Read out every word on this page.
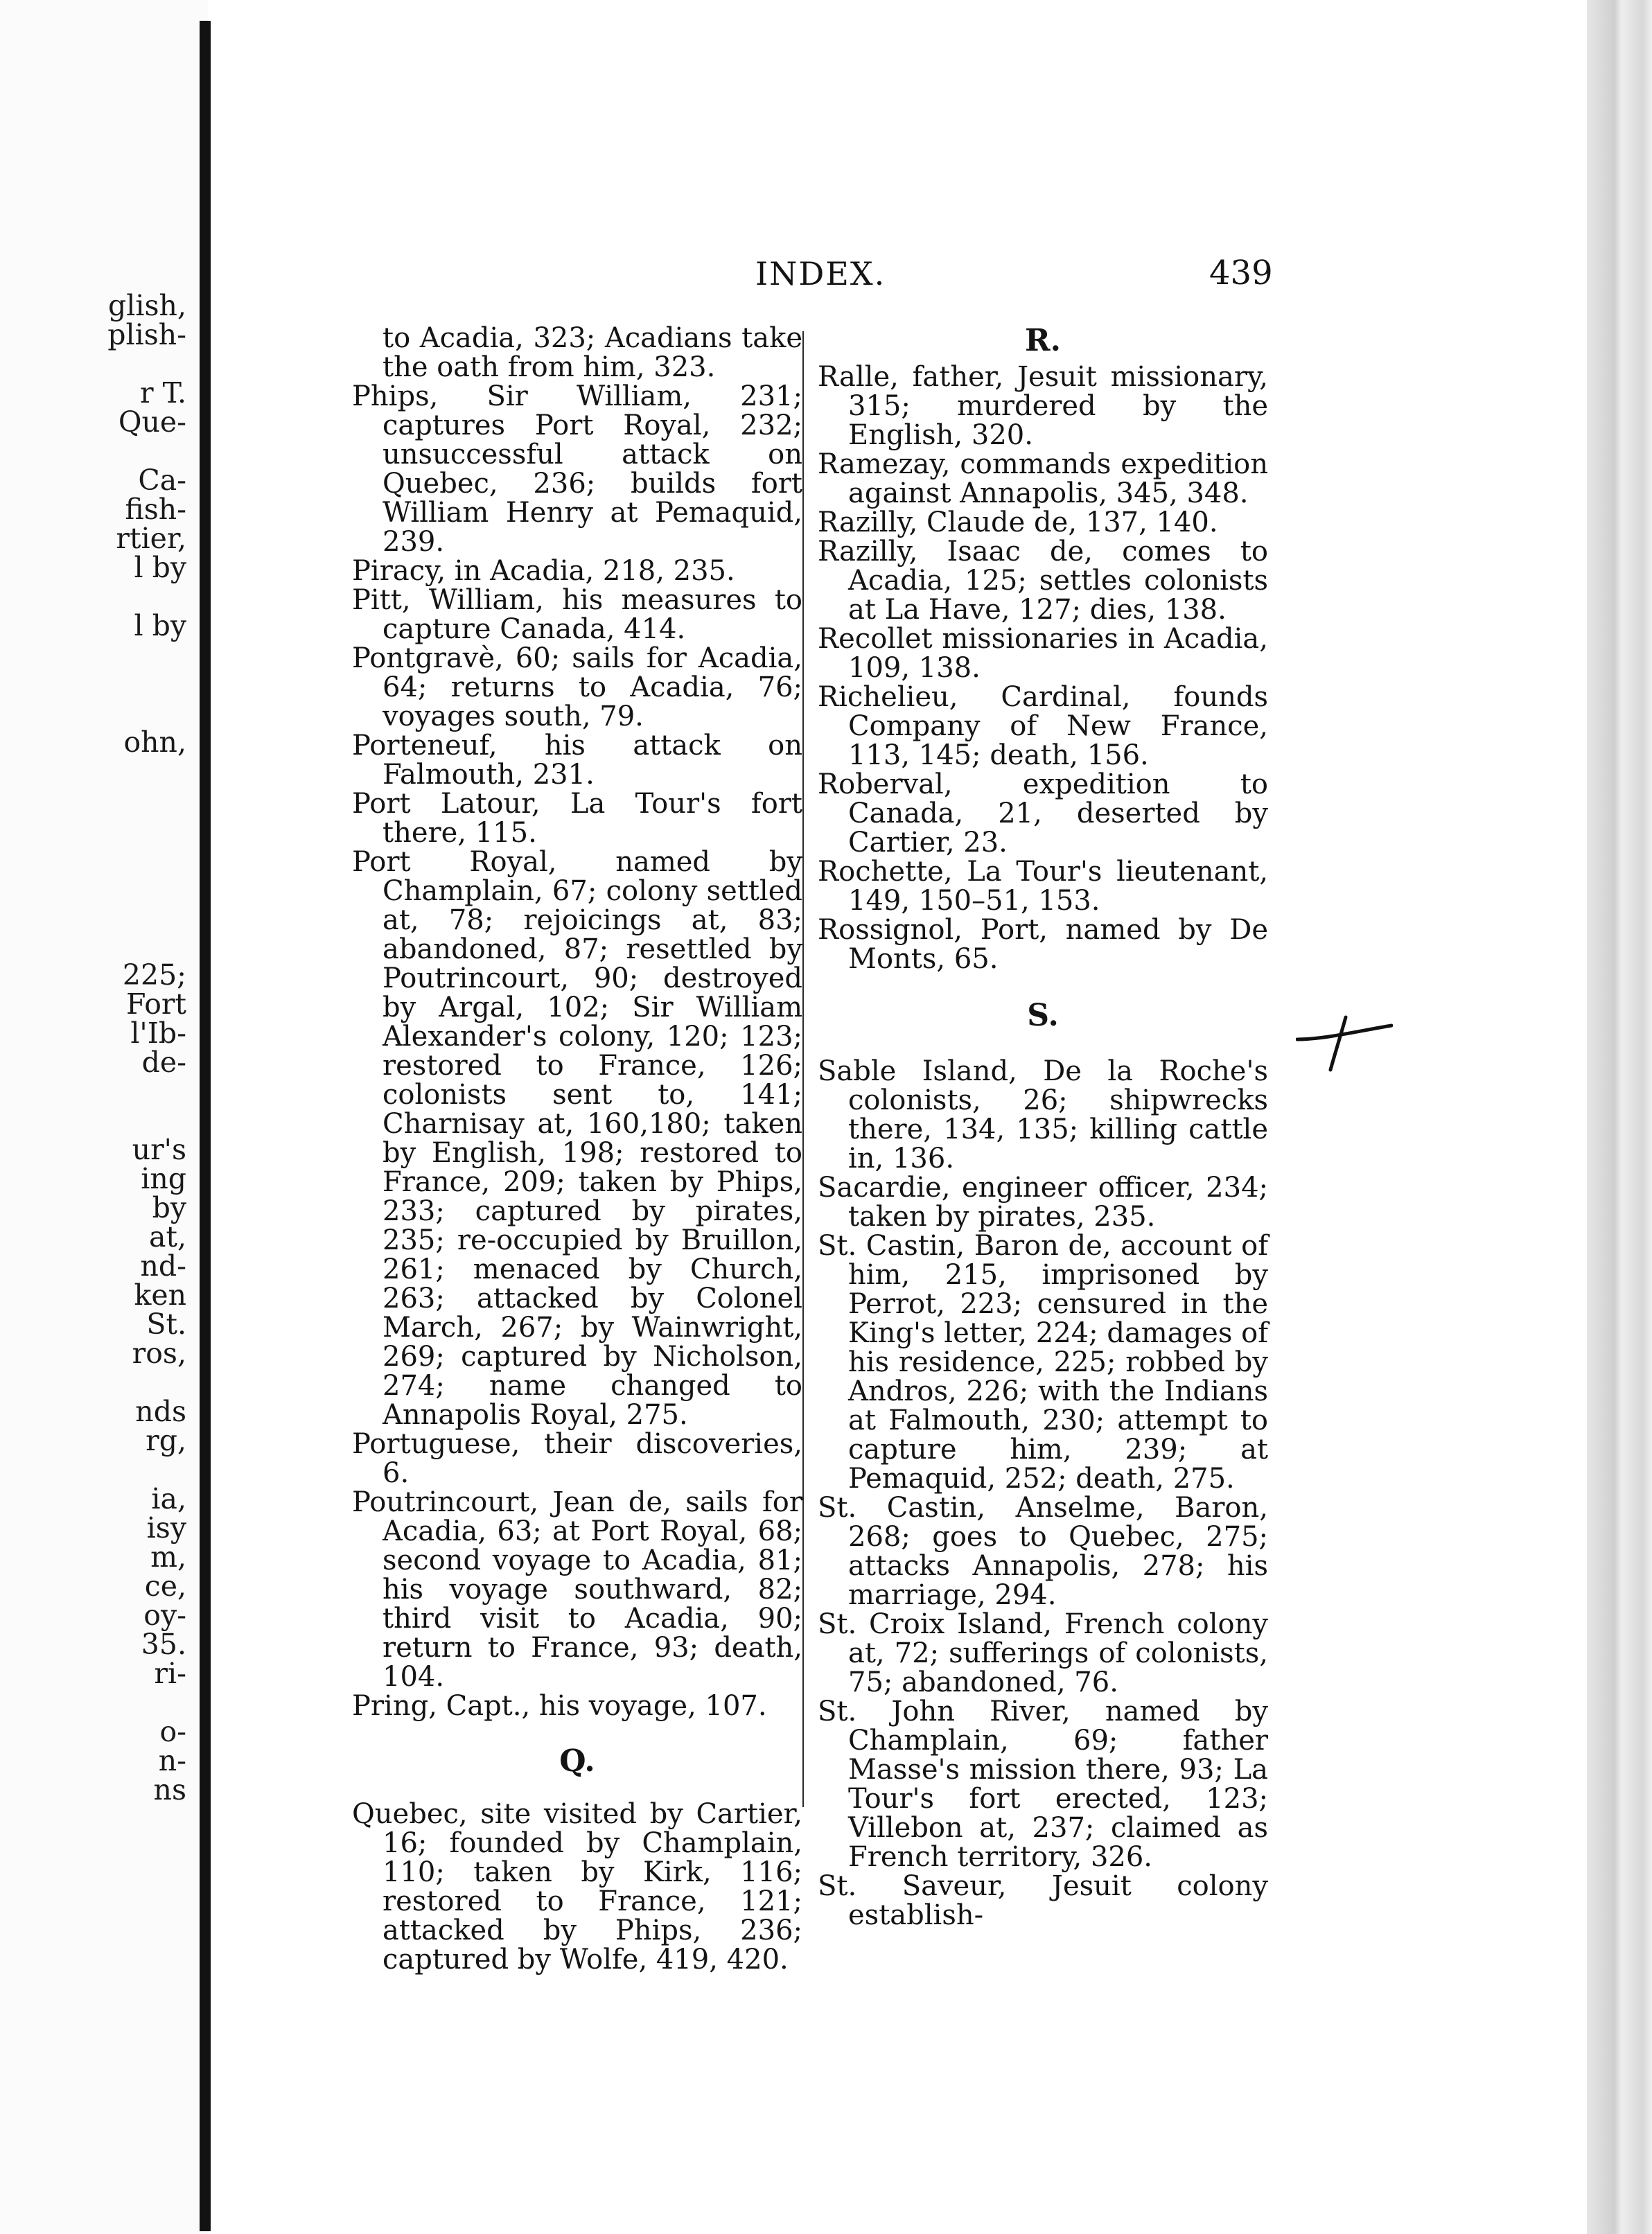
glish,
plish-
r T.
Que-
Ca-
fish-
rtier,
l by
l by
ohn,
225;
Fort
l'Ib-
de-
ur's
ing
by
at,
nd-
ken
St.
ros,
nds
rg,
ia,
isy
m,
ce,
oy-
35.
ri-
o-
n-
ns
INDEX.	439

to Acadia, 323; Acadians take the oath from him, 323.

Phips, Sir William, 231; captures Port Royal, 232; unsuccessful attack on Quebec, 236; builds fort William Henry at Pemaquid, 239.

Piracy, in Acadia, 218, 235.

Pitt, William, his measures to capture Canada, 414.

Pontgravè, 60; sails for Acadia, 64; returns to Acadia, 76; voyages south, 79.

Porteneuf, his attack on Falmouth, 231.

Port Latour, La Tour's fort there, 115.

Port Royal, named by Champlain, 67; colony settled at, 78; rejoicings at, 83; abandoned, 87; resettled by Poutrincourt, 90; destroyed by Argal, 102; Sir William Alexander's colony, 120; 123; restored to France, 126; colonists sent to, 141; Charnisay at, 160,180; taken by English, 198; restored to France, 209; taken by Phips, 233; captured by pirates, 235; re-occupied by Bruillon, 261; menaced by Church, 263; attacked by Colonel March, 267; by Wainwright, 269; captured by Nicholson, 274; name changed to Annapolis Royal, 275.

Portuguese, their discoveries, 6.

Poutrincourt, Jean de, sails for Acadia, 63; at Port Royal, 68; second voyage to Acadia, 81; his voyage southward, 82; third visit to Acadia, 90; return to France, 93; death, 104.

Pring, Capt., his voyage, 107.

Q.

Quebec, site visited by Cartier, 16; founded by Champlain, 110; taken by Kirk, 116; restored to France, 121; attacked by Phips, 236; captured by Wolfe, 419, 420.

R.

Ralle, father, Jesuit missionary, 315; murdered by the English, 320.

Ramezay, commands expedition against Annapolis, 345, 348.

Razilly, Claude de, 137, 140.

Razilly, Isaac de, comes to Acadia, 125; settles colonists at La Have, 127; dies, 138.

Recollet missionaries in Acadia, 109, 138.

Richelieu, Cardinal, founds Company of New France, 113, 145; death, 156.

Roberval, expedition to Canada, 21, deserted by Cartier, 23.

Rochette, La Tour's lieutenant, 149, 150–51, 153.

Rossignol, Port, named by De Monts, 65.

S.

Sable Island, De la Roche's colonists, 26; shipwrecks there, 134, 135; killing cattle in, 136.

Sacardie, engineer officer, 234; taken by pirates, 235.

St. Castin, Baron de, account of him, 215, imprisoned by Perrot, 223; censured in the King's letter, 224; damages of his residence, 225; robbed by Andros, 226; with the Indians at Falmouth, 230; attempt to capture him, 239; at Pemaquid, 252; death, 275.

St. Castin, Anselme, Baron, 268; goes to Quebec, 275; attacks Annapolis, 278; his marriage, 294.

St. Croix Island, French colony at, 72; sufferings of colonists, 75; abandoned, 76.

St. John River, named by Champlain, 69; father Masse's mission there, 93; La Tour's fort erected, 123; Villebon at, 237; claimed as French territory, 326.

St. Saveur, Jesuit colony establish-
